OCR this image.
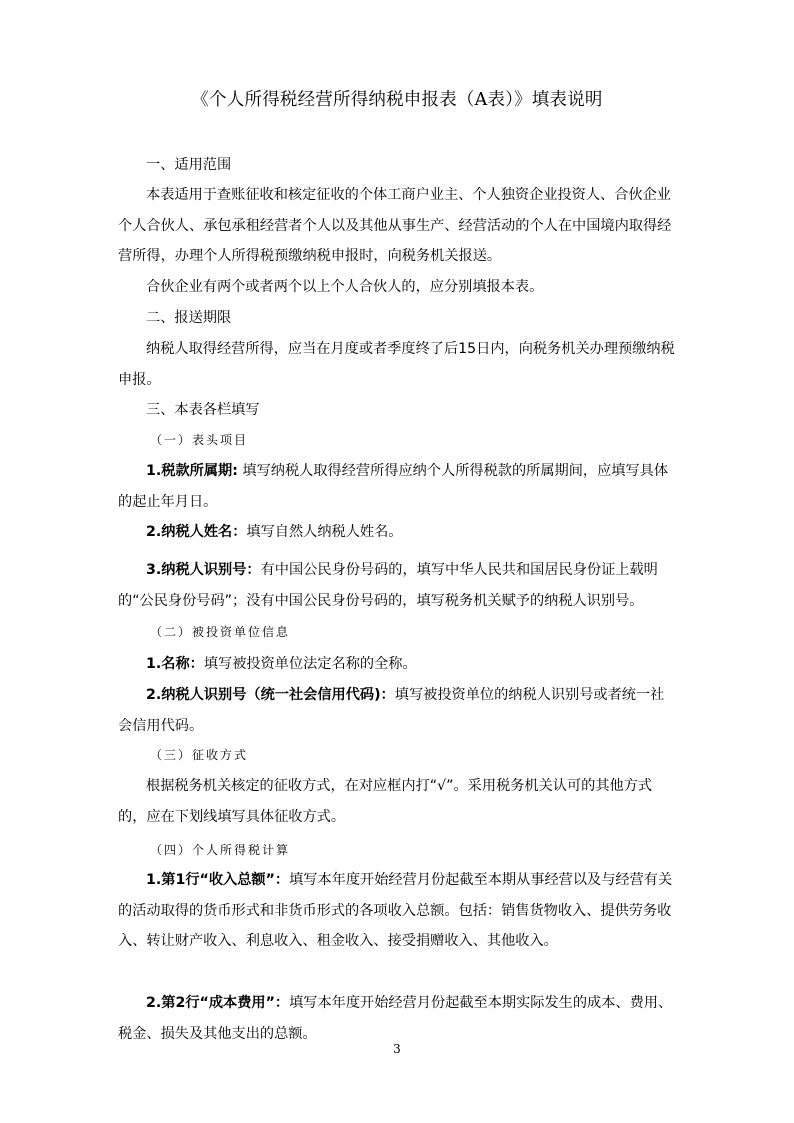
《个人所得税经营所得纳税申报表（A表）》填表说明

一、适用范围

本表适用于查账征收和核定征收的个体工商户业主、个人独资企业投资人、合伙企业个人合伙人、承包承租经营者个人以及其他从事生产、经营活动的个人在中国境内取得经营所得，办理个人所得税预缴纳税申报时，向税务机关报送。

合伙企业有两个或者两个以上个人合伙人的，应分别填报本表。

二、报送期限

纳税人取得经营所得，应当在月度或者季度终了后15日内，向税务机关办理预缴纳税申报。

三、本表各栏填写

（一）表头项目

1.税款所属期: 填写纳税人取得经营所得应纳个人所得税款的所属期间，应填写具体的起止年月日。

2.纳税人姓名：填写自然人纳税人姓名。

3.纳税人识别号：有中国公民身份号码的，填写中华人民共和国居民身份证上载明的“公民身份号码”；没有中国公民身份号码的，填写税务机关赋予的纳税人识别号。

（二）被投资单位信息

1.名称：填写被投资单位法定名称的全称。

2.纳税人识别号（统一社会信用代码)：填写被投资单位的纳税人识别号或者统一社会信用代码。

（三）征收方式

根据税务机关核定的征收方式，在对应框内打“√”。采用税务机关认可的其他方式的，应在下划线填写具体征收方式。

（四）个人所得税计算

1.第1行“收入总额”：填写本年度开始经营月份起截至本期从事经营以及与经营有关的活动取得的货币形式和非货币形式的各项收入总额。包括：销售货物收入、提供劳务收入、转让财产收入、利息收入、租金收入、接受捐赠收入、其他收入。

2.第2行“成本费用”：填写本年度开始经营月份起截至本期实际发生的成本、费用、税金、损失及其他支出的总额。

3
